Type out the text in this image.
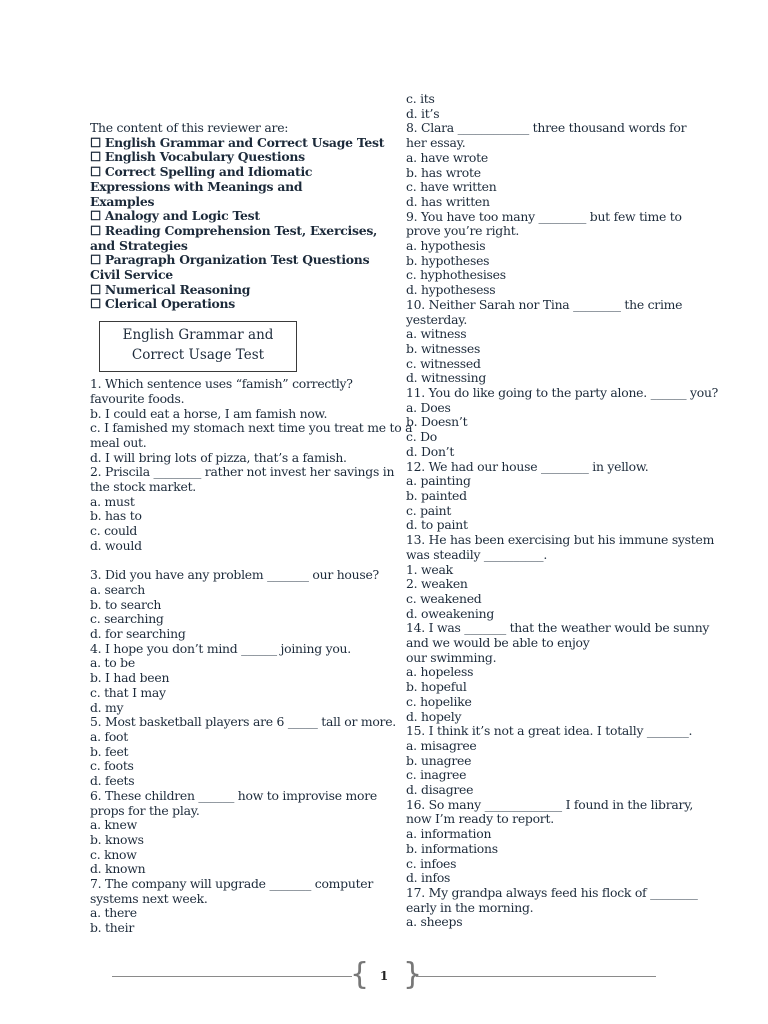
The content of this reviewer are:
☐ English Grammar and Correct Usage Test
☐ English Vocabulary Questions
☐ Correct Spelling and Idiomatic
Expressions with Meanings and
Examples
☐ Analogy and Logic Test
☐ Reading Comprehension Test, Exercises,
and Strategies
☐ Paragraph Organization Test Questions
Civil Service
☐ Numerical Reasoning
☐ Clerical Operations
English Grammar and
Correct Usage Test
1. Which sentence uses “famish” correctly?
favourite foods.
b. I could eat a horse, I am famish now.
c. I famished my stomach next time you treat me to a
meal out.
d. I will bring lots of pizza, that’s a famish.
2. Priscila ________ rather not invest her savings in
the stock market.
a. must
b. has to
c. could
d. would
3. Did you have any problem _______ our house?
a. search
b. to search
c. searching
d. for searching
4. I hope you don’t mind ______ joining you.
a. to be
b. I had been
c. that I may
d. my
5. Most basketball players are 6 _____ tall or more.
a. foot
b. feet
c. foots
d. feets
6. These children ______ how to improvise more
props for the play.
a. knew
b. knows
c. know
d. known
7. The company will upgrade _______ computer
systems next week.
a. there
b. their
c. its
d. it’s
8. Clara ____________ three thousand words for
her essay.
a. have wrote
b. has wrote
c. have written
d. has written
9. You have too many ________ but few time to
prove you’re right.
a. hypothesis
b. hypotheses
c. hyphothesises
d. hypothesess
10. Neither Sarah nor Tina ________ the crime
yesterday.
a. witness
b. witnesses
c. witnessed
d. witnessing
11. You do like going to the party alone. ______ you?
a. Does
b. Doesn’t
c. Do
d. Don’t
12. We had our house ________ in yellow.
a. painting
b. painted
c. paint
d. to paint
13. He has been exercising but his immune system
was steadily __________.
1. weak
2. weaken
c. weakened
d. oweakening
14. I was _______ that the weather would be sunny
and we would be able to enjoy
our swimming.
a. hopeless
b. hopeful
c. hopelike
d. hopely
15. I think it’s not a great idea. I totally _______.
a. misagree
b. unagree
c. inagree
d. disagree
16. So many _____________ I found in the library,
now I’m ready to report.
a. information
b. informations
c. infoes
d. infos
17. My grandpa always feed his flock of ________
early in the morning.
a. sheeps
{ }
1
